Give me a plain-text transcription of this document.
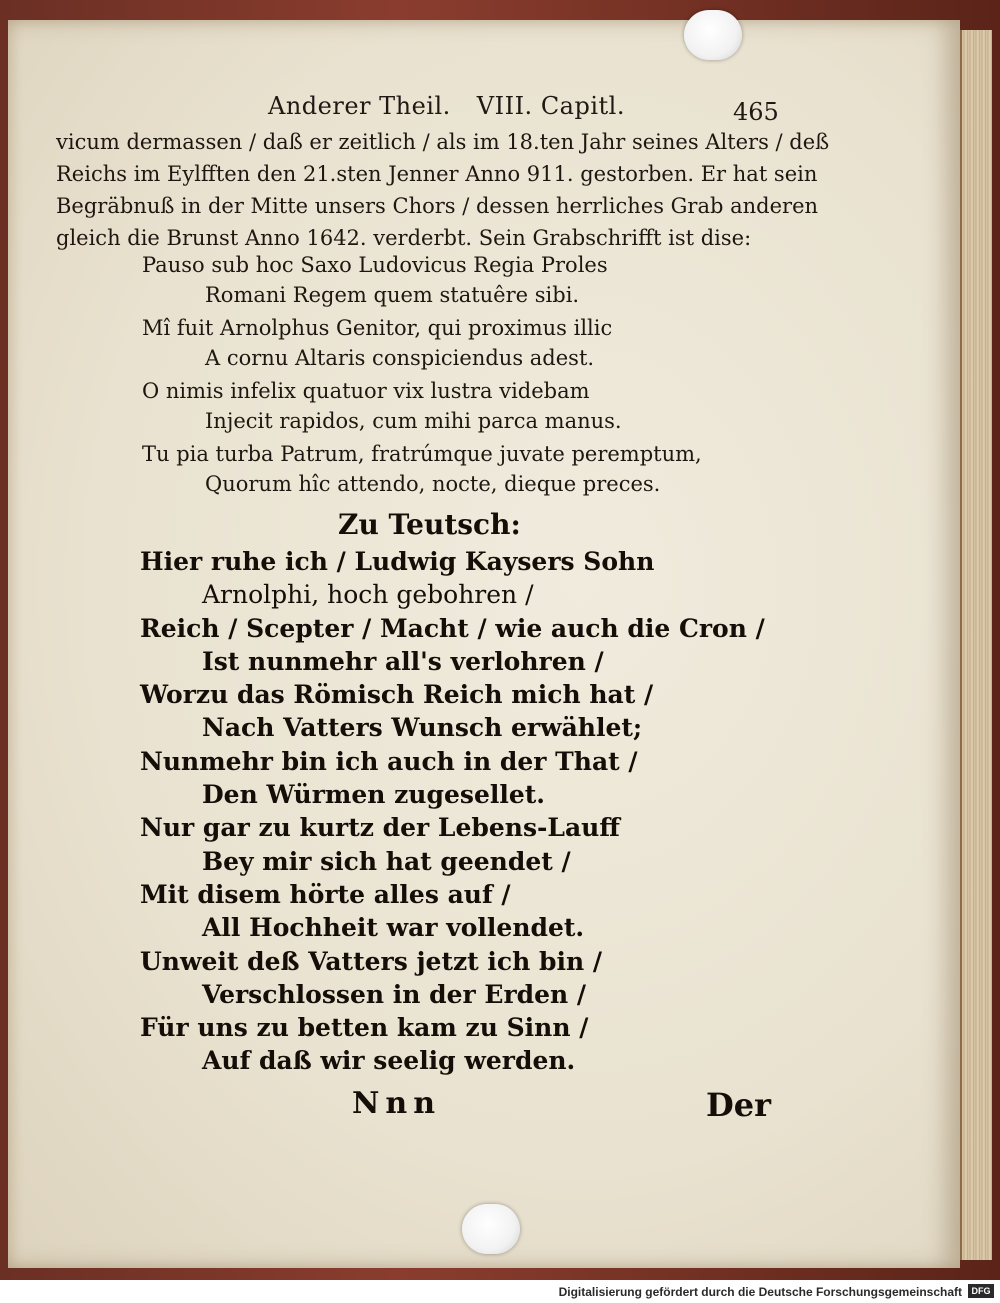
Anderer Theil. VIII. Capitl.	465
vicum dermassen / daß er zeitlich / als im 18.ten Jahr seines Alters / deß
Reichs im Eylfften den 21.sten Jenner Anno 911. gestorben. Er hat sein
Begräbnuß in der Mitte unsers Chors / dessen herrliches Grab anderen
gleich die Brunst Anno 1642. verderbt. Sein Grabschrifft ist dise:
Pauso sub hoc Saxo Ludovicus Regia Proles
Romani Regem quem statuêre sibi.
Mî fuit Arnolphus Genitor, qui proximus illic
A cornu Altaris conspiciendus adest.
O nimis infelix quatuor vix lustra videbam
Injecit rapidos, cum mihi parca manus.
Tu pia turba Patrum, fratrúmque juvate peremptum,
Quorum hîc attendo, nocte, dieque preces.
Zu Teutsch:
Hier ruhe ich / Ludwig Kaysers Sohn
Arnolphi, hoch gebohren /
Reich / Scepter / Macht / wie auch die Cron /
Ist nunmehr all's verlohren /
Worzu das Römisch Reich mich hat /
Nach Vatters Wunsch erwählet;
Nunmehr bin ich auch in der That /
Den Würmen zugesellet.
Nur gar zu kurtz der Lebens-Lauff
Bey mir sich hat geendet /
Mit disem hörte alles auf /
All Hochheit war vollendet.
Unweit deß Vatters jetzt ich bin /
Verschlossen in der Erden /
Für uns zu betten kam zu Sinn /
Auf daß wir seelig werden.
Nnn	Der
Digitalisierung gefördert durch die Deutsche Forschungsgemeinschaft	DFG
